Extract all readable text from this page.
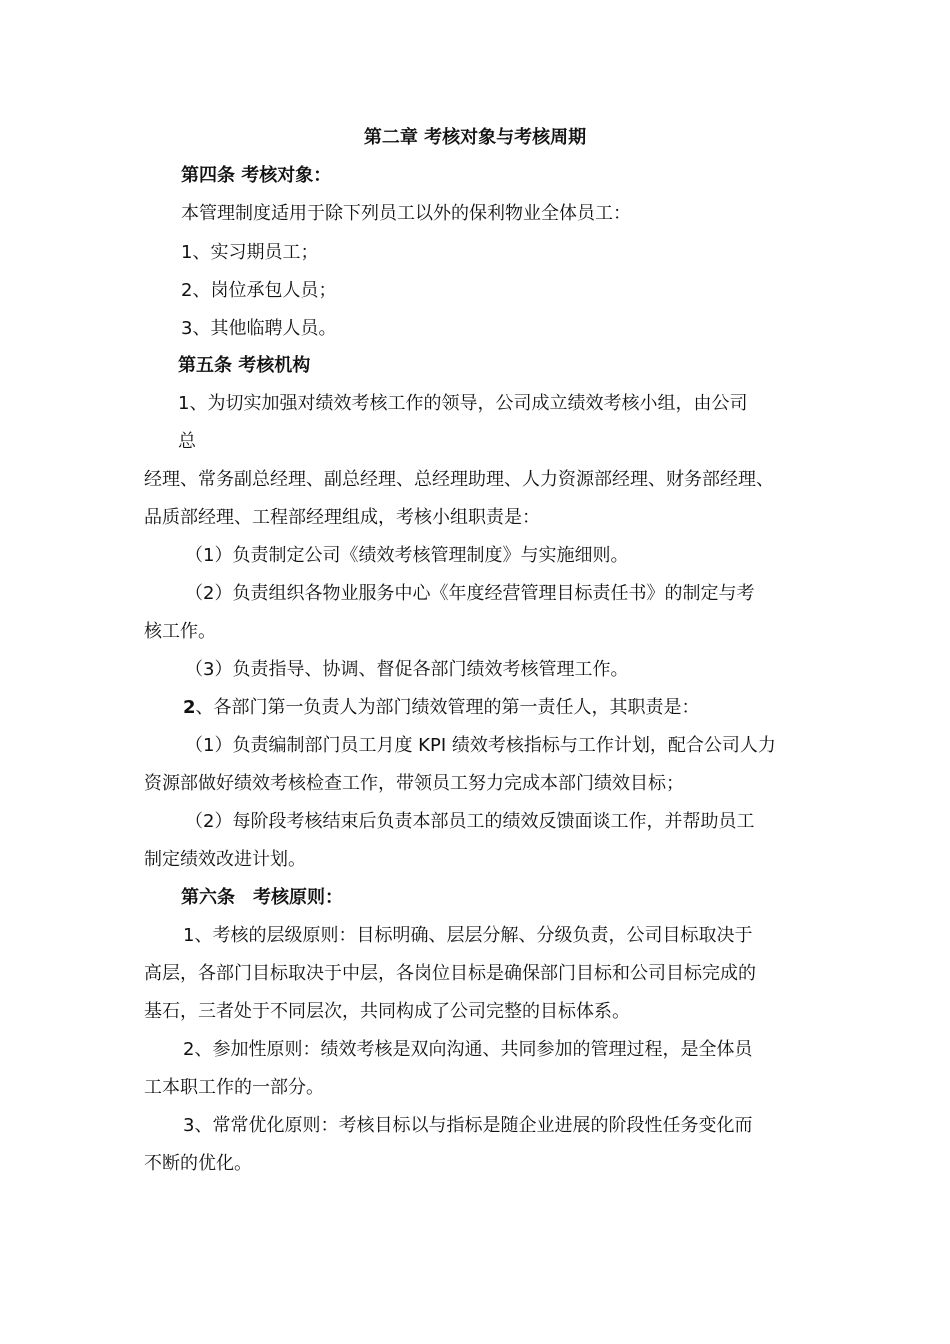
第二章 考核对象与考核周期
第四条 考核对象：
本管理制度适用于除下列员工以外的保利物业全体员工：
1、实习期员工；
2、岗位承包人员；
3、其他临聘人员。
第五条 考核机构
1、为切实加强对绩效考核工作的领导，公司成立绩效考核小组，由公司
总
经理、常务副总经理、副总经理、总经理助理、人力资源部经理、财务部经理、
品质部经理、工程部经理组成，考核小组职责是：
（1）负责制定公司《绩效考核管理制度》与实施细则。
（2）负责组织各物业服务中心《年度经营管理目标责任书》的制定与考
核工作。
（3）负责指导、协调、督促各部门绩效考核管理工作。
2、各部门第一负责人为部门绩效管理的第一责任人，其职责是：
（1）负责编制部门员工月度 KPI 绩效考核指标与工作计划，配合公司人力
资源部做好绩效考核检查工作，带领员工努力完成本部门绩效目标；
（2）每阶段考核结束后负责本部员工的绩效反馈面谈工作，并帮助员工
制定绩效改进计划。
第六条　考核原则：
1、考核的层级原则：目标明确、层层分解、分级负责，公司目标取决于
高层，各部门目标取决于中层，各岗位目标是确保部门目标和公司目标完成的
基石，三者处于不同层次，共同构成了公司完整的目标体系。
2、参加性原则：绩效考核是双向沟通、共同参加的管理过程，是全体员
工本职工作的一部分。
3、常常优化原则：考核目标以与指标是随企业进展的阶段性任务变化而
不断的优化。
